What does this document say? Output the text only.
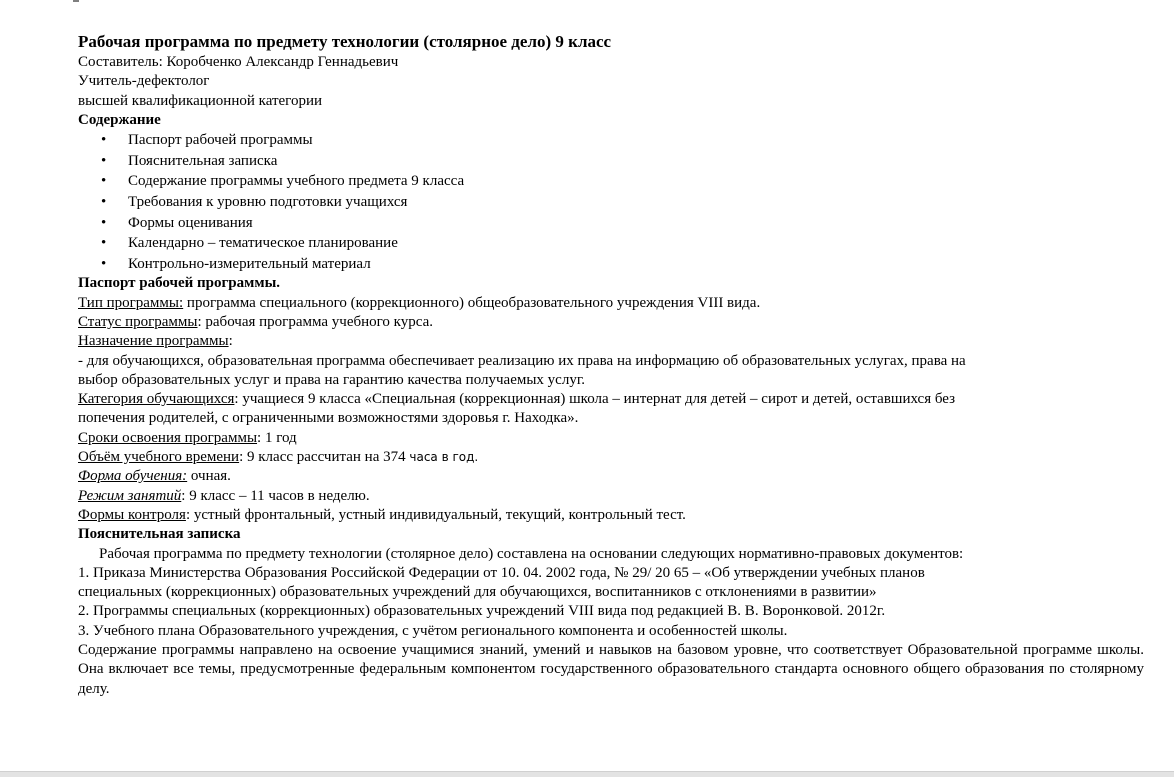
Рабочая программа по предмету технологии (столярное дело) 9 класс

Составитель: Коробченко Александр Геннадьевич

Учитель-дефектолог

высшей квалификационной категории

Содержание

• Паспорт рабочей программы
• Пояснительная записка
• Содержание программы учебного предмета 9 класса
• Требования к уровню подготовки учащихся
• Формы оценивания
• Календарно – тематическое планирование
• Контрольно-измерительный материал

Паспорт рабочей программы.

Тип программы: программа специального (коррекционного) общеобразовательного учреждения VIII вида.

Статус программы: рабочая программа учебного курса.

Назначение программы:

- для обучающихся, образовательная программа обеспечивает реализацию их права на информацию об образовательных услугах, права на

выбор образовательных услуг и права на гарантию качества получаемых услуг.

Категория обучающихся: учащиеся 9 класса «Специальная (коррекционная) школа – интернат для детей – сирот и детей, оставшихся без

попечения родителей, с ограниченными возможностями здоровья г. Находка».

Сроки освоения программы: 1 год

Объём учебного времени: 9 класс рассчитан на 374 часа в год.

Форма обучения: очная.

Режим занятий: 9 класс – 11 часов в неделю.

Формы контроля: устный фронтальный, устный индивидуальный, текущий, контрольный тест.

Пояснительная записка

Рабочая программа по предмету технологии (столярное дело) составлена на основании следующих нормативно-правовых документов:

1. Приказа Министерства Образования Российской Федерации от 10. 04. 2002 года, № 29/ 20 65 – «Об утверждении учебных планов

специальных (коррекционных) образовательных учреждений для обучающихся, воспитанников с отклонениями в развитии»

2. Программы специальных (коррекционных) образовательных учреждений VIII вида под редакцией В. В. Воронковой. 2012г.

3. Учебного плана Образовательного учреждения, с учётом регионального компонента и особенностей школы.

Содержание программы направлено на освоение учащимися знаний, умений и навыков на базовом уровне, что соответствует Образовательной программе школы. Она включает все темы, предусмотренные федеральным компонентом государственного образовательного стандарта основного общего образования по столярному делу.
